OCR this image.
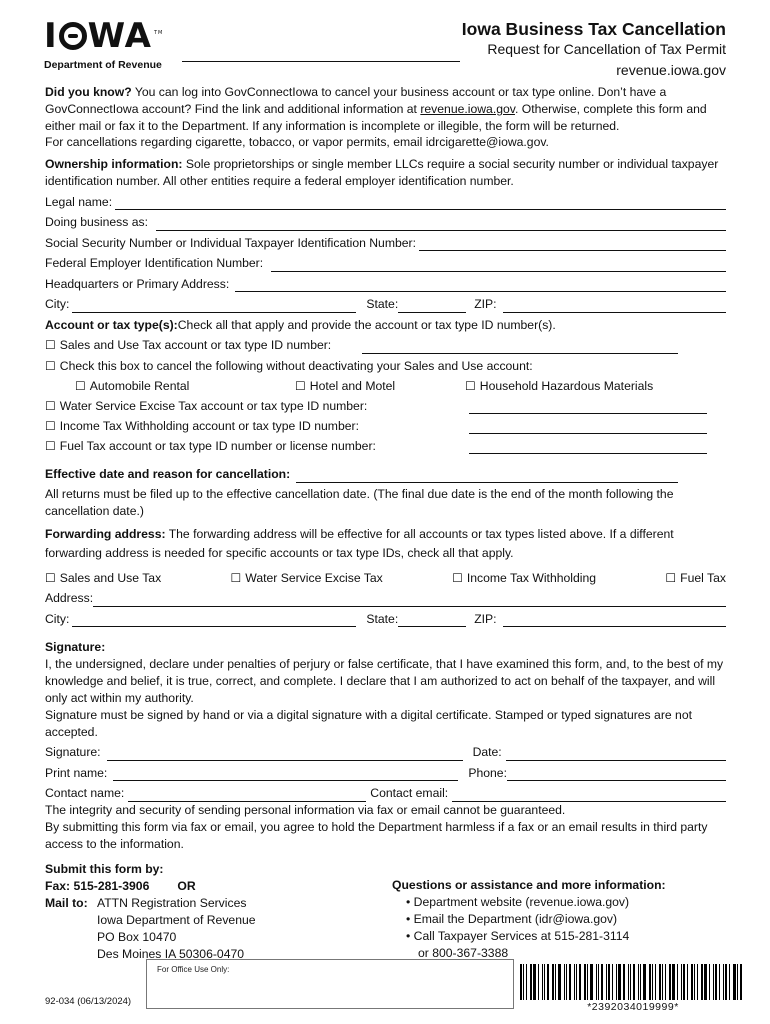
I WA TM
Department of Revenue
Iowa Business Tax Cancellation
Request for Cancellation of Tax Permit
revenue.iowa.gov

Did you know? You can log into GovConnectIowa to cancel your business account or tax type online. Don’t have a GovConnectIowa account? Find the link and additional information at revenue.iowa.gov. Otherwise, complete this form and either mail or fax it to the Department. If any information is incomplete or illegible, the form will be returned.

For cancellations regarding cigarette, tobacco, or vapor permits, email idrcigarette@iowa.gov.

Ownership information: Sole proprietorships or single member LLCs require a social security number or individual taxpayer identification number. All other entities require a federal employer identification number.

Legal name:
Doing business as:
Social Security Number or Individual Taxpayer Identification Number:
Federal Employer Identification Number:
Headquarters or Primary Address:
City:	State:	ZIP:
Account or tax type(s): Check all that apply and provide the account or tax type ID number(s).
☐ Sales and Use Tax account or tax type ID number:
☐ Check this box to cancel the following without deactivating your Sales and Use account:
☐ Automobile Rental	☐ Hotel and Motel	☐ Household Hazardous Materials
☐ Water Service Excise Tax account or tax type ID number:
☐ Income Tax Withholding account or tax type ID number:
☐ Fuel Tax account or tax type ID number or license number:
Effective date and reason for cancellation:

All returns must be filed up to the effective cancellation date. (The final due date is the end of the month following the cancellation date.)

Forwarding address: The forwarding address will be effective for all accounts or tax types listed above. If a different forwarding address is needed for specific accounts or tax type IDs, check all that apply.

☐ Sales and Use Tax	☐ Water Service Excise Tax	☐ Income Tax Withholding	☐ Fuel Tax
Address:
City:	State:	ZIP:

Signature:

I, the undersigned, declare under penalties of perjury or false certificate, that I have examined this form, and, to the best of my knowledge and belief, it is true, correct, and complete. I declare that I am authorized to act on behalf of the taxpayer, and will only act within my authority.

Signature must be signed by hand or via a digital signature with a digital certificate. Stamped or typed signatures are not accepted.

Signature:	Date:
Print name:	Phone:
Contact name:	Contact email:

The integrity and security of sending personal information via fax or email cannot be guaranteed.

By submitting this form via fax or email, you agree to hold the Department harmless if a fax or an email results in third party access to the information.

Submit this form by:
Fax: 515-281-3906 OR
Mail to: ATTN Registration Services
Iowa Department of Revenue
PO Box 10470
Des Moines IA 50306-0470
Questions or assistance and more information:
• Department website (revenue.iowa.gov)
• Email the Department (idr@iowa.gov)
• Call Taxpayer Services at 515-281-3114
or 800-367-3388
For Office Use Only:
92-034 (06/13/2024)	*2392034019999*
